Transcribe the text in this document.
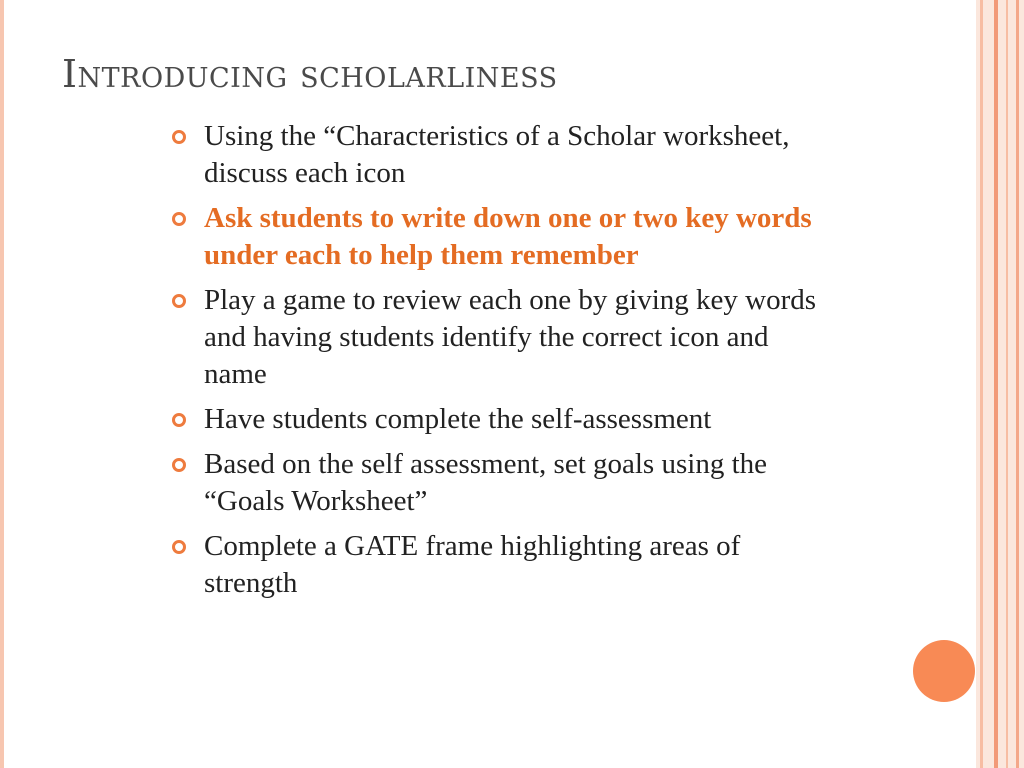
Introducing scholarliness
Using the “Characteristics of a Scholar worksheet, discuss each icon
Ask students to write down one or two key words under each to help them remember
Play a game to review each one by giving key words and having students identify the correct icon and name
Have students complete the self-assessment
Based on the self assessment, set goals using the “Goals Worksheet”
Complete a GATE frame highlighting areas of strength
